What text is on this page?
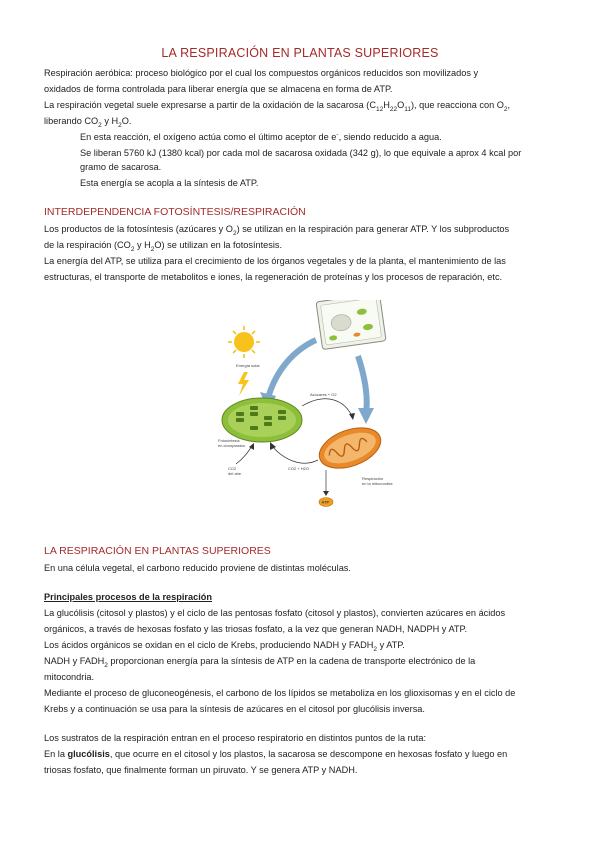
LA RESPIRACIÓN EN PLANTAS SUPERIORES

Respiración aeróbica: proceso biológico por el cual los compuestos orgánicos reducidos son movilizados y

oxidados de forma controlada para liberar energía que se almacena en forma de ATP.

La respiración vegetal suele expresarse a partir de la oxidación de la sacarosa $(C_{12}H_{22}O_{11})$, que reacciona con $O_2$,

liberando $CO_2$ y $H_2O$.

En esta reacción, el oxígeno actúa como el último aceptor de e-, siendo reducido a agua.

Se liberan 5760 kJ (1380 kcal) por cada mol de sacarosa oxidada (342 g), lo que equivale a aprox 4 kcal por

gramo de sacarosa.

Esta energía se acopla a la síntesis de ATP.

INTERDEPENDENCIA FOTOSÍNTESIS/RESPIRACIÓN

Los productos de la fotosíntesis (azúcares y $O_2$) se utilizan en la respiración para generar ATP. Y los subproductos

de la respiración ($CO_2$ y $H_2O$) se utilizan en la fotosíntesis.

La energía del ATP, se utiliza para el crecimiento de los órganos vegetales y de la planta, el mantenimiento de las

estructuras, el transporte de metabolitos e iones, la regeneración de proteínas y los procesos de reparación, etc.

Energía solar
Fotosíntesis
en cloroplastos
Azúcares + O2
Respiración
en la mitocondria
CO2 + H2O
CO2
del aire
ATP

LA RESPIRACIÓN EN PLANTAS SUPERIORES

En una célula vegetal, el carbono reducido proviene de distintas moléculas.

Principales procesos de la respiración

La glucólisis (citosol y plastos) y el ciclo de las pentosas fosfato (citosol y plastos), convierten azúcares en ácidos

orgánicos, a través de hexosas fosfato y las triosas fosfato, a la vez que generan NADH, NADPH y ATP.

Los ácidos orgánicos se oxidan en el ciclo de Krebs, produciendo NADH y $FADH_2$ y ATP.

NADH y $FADH_2$ proporcionan energía para la síntesis de ATP en la cadena de transporte electrónico de la

mitocondria.

Mediante el proceso de gluconeogénesis, el carbono de los lípidos se metaboliza en los glioxisomas y en el ciclo de

Krebs y a continuación se usa para la síntesis de azúcares en el citosol por glucólisis inversa.

Los sustratos de la respiración entran en el proceso respiratorio en distintos puntos de la ruta:

En la glucólisis, que ocurre en el citosol y los plastos, la sacarosa se descompone en hexosas fosfato y luego en

triosas fosfato, que finalmente forman un piruvato. Y se genera ATP y NADH.
